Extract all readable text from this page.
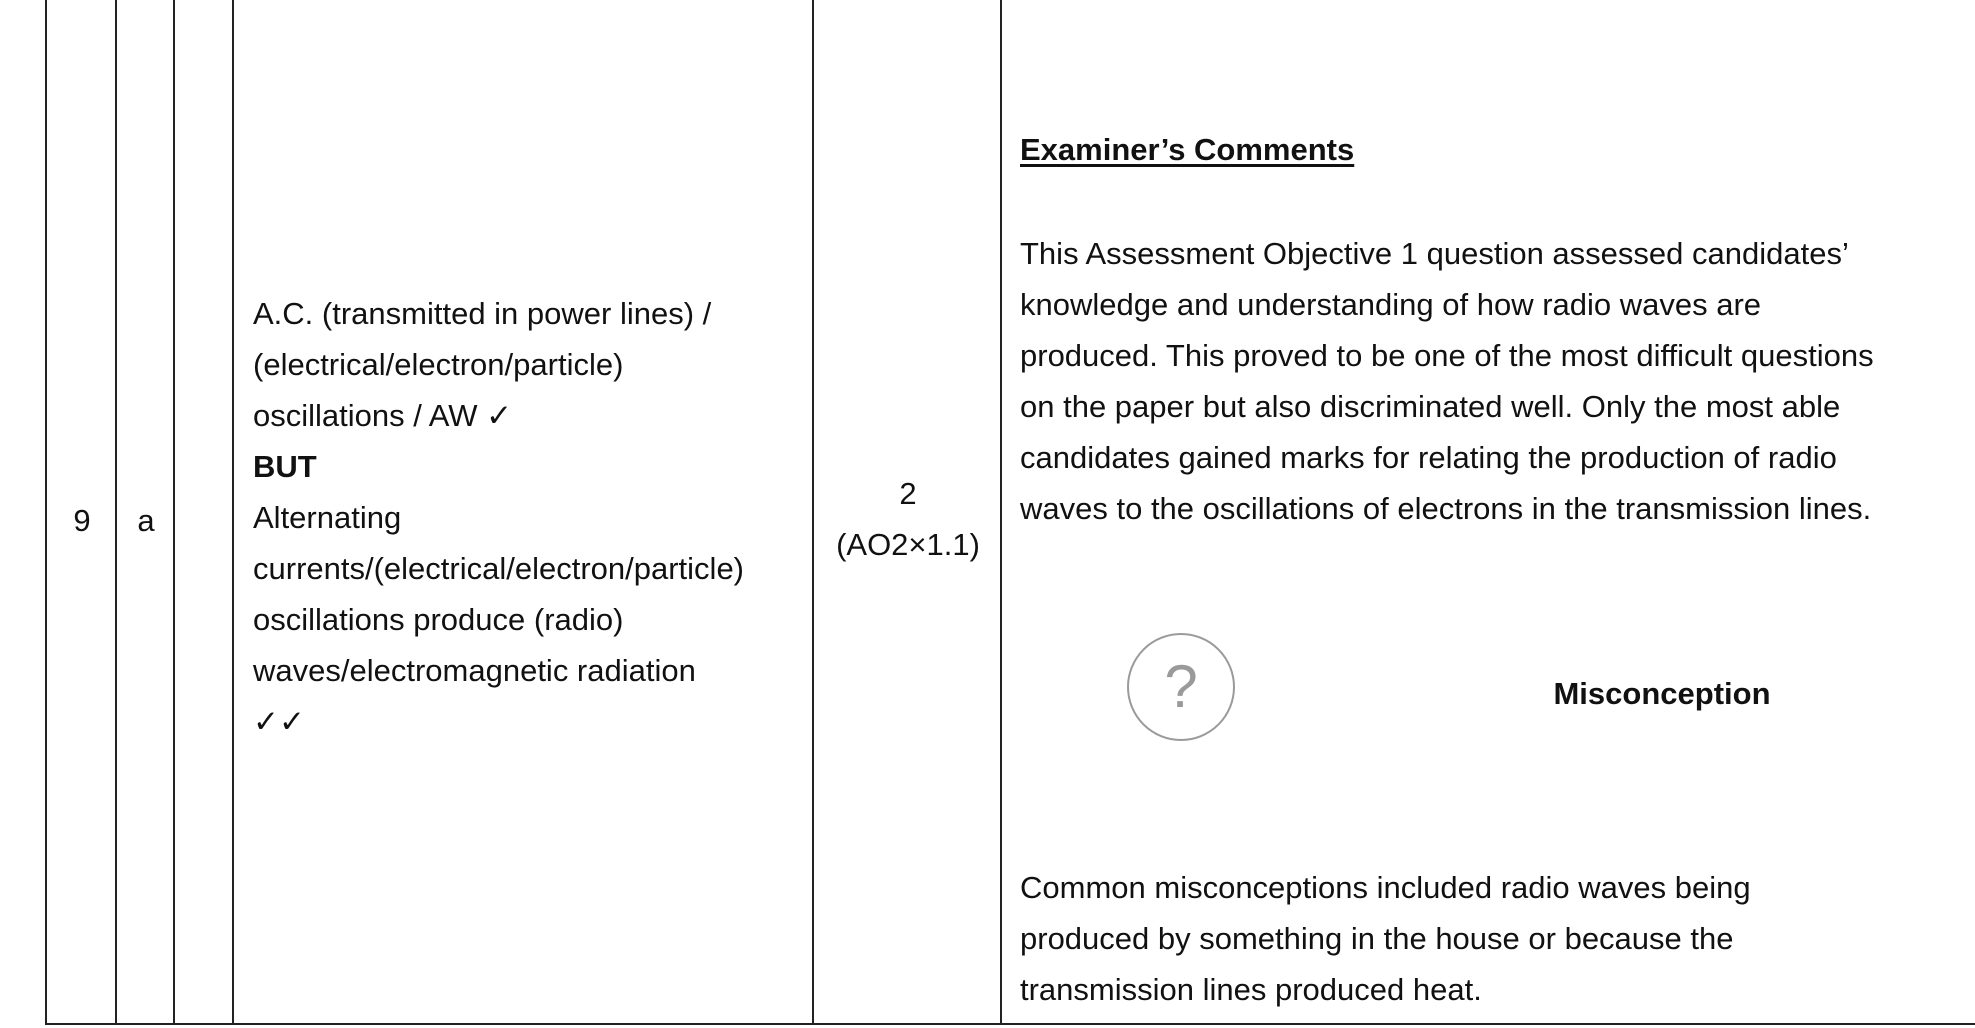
9	a
A.C. (transmitted in power lines) /
(electrical/electron/particle)
oscillations / AW ✓
BUT
Alternating
currents/(electrical/electron/particle)
oscillations produce (radio)
waves/electromagnetic radiation
✓✓
2
(AO2×1.1)
Examiner’s Comments
This Assessment Objective 1 question assessed candidates’
knowledge and understanding of how radio waves are
produced. This proved to be one of the most difficult questions
on the paper but also discriminated well. Only the most able
candidates gained marks for relating the production of radio
waves to the oscillations of electrons in the transmission lines.
?	Misconception
Common misconceptions included radio waves being
produced by something in the house or because the
transmission lines produced heat.
